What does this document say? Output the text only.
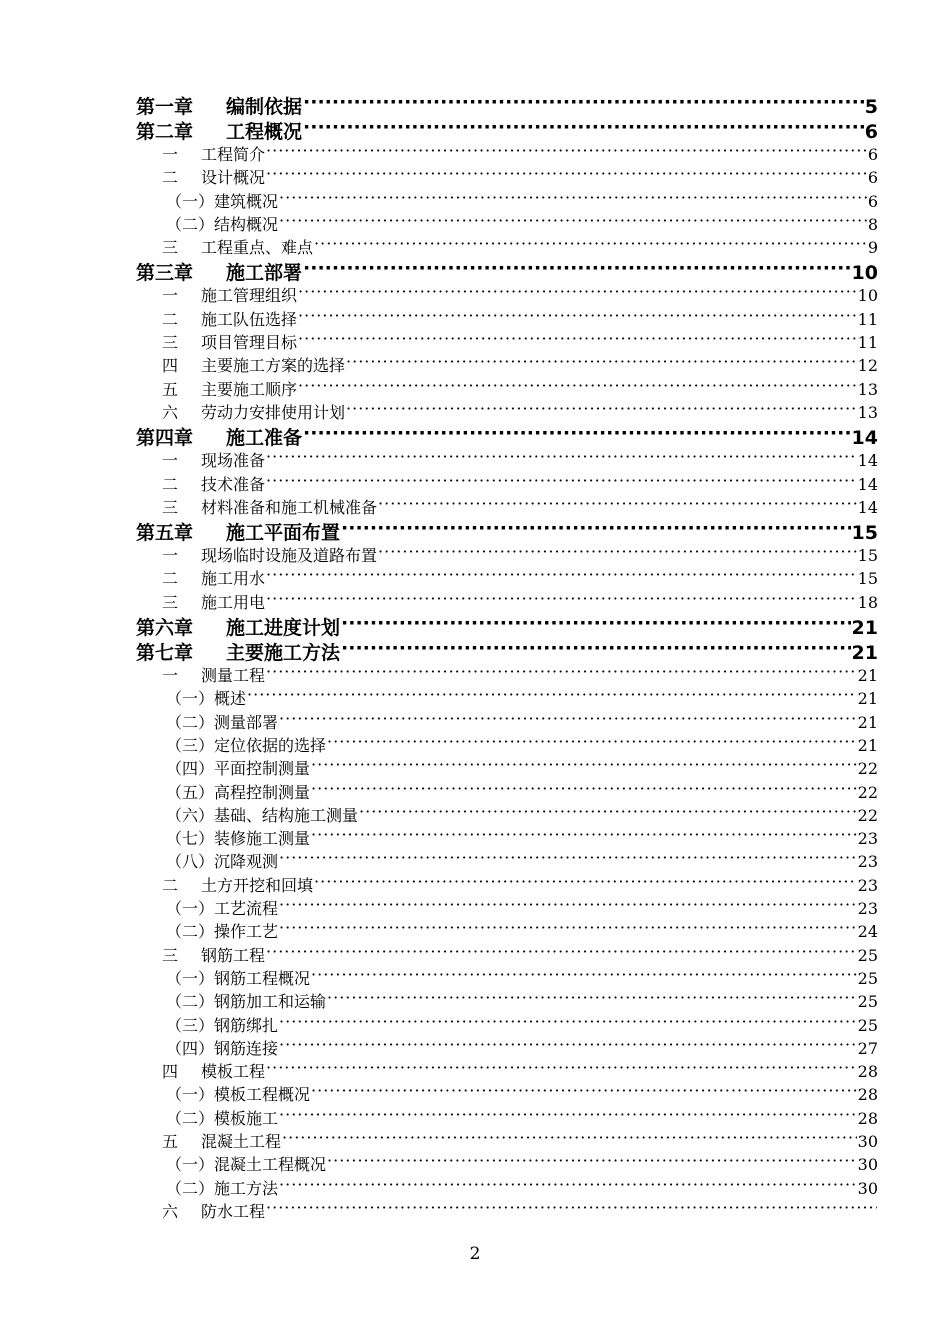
第一章	编制依据 ·····	5
第二章	工程概况 ·····	6
一	工程简介 ·····	6
二	设计概况 ·····	6
（一）建筑概况 ·····	6
（二）结构概况 ·····	8
三	工程重点、难点 ·····	9
第三章	施工部署 ·····	10
一	施工管理组织 ·····	10
二	施工队伍选择 ·····	11
三	项目管理目标 ·····	11
四	主要施工方案的选择 ·····	12
五	主要施工顺序 ·····	13
六	劳动力安排使用计划 ·····	13
第四章	施工准备 ·····	14
一	现场准备 ·····	14
二	技术准备 ·····	14
三	材料准备和施工机械准备 ·····	14
第五章	施工平面布置 ·····	15
一	现场临时设施及道路布置 ·····	15
二	施工用水 ·····	15
三	施工用电 ·····	18
第六章	施工进度计划 ·····	21
第七章	主要施工方法 ·····	21
一	测量工程 ·····	21
（一）概述 ·····	21
（二）测量部署 ·····	21
（三）定位依据的选择 ·····	21
（四）平面控制测量 ·····	22
（五）高程控制测量 ·····	22
（六）基础、结构施工测量 ·····	22
（七）装修施工测量 ·····	23
（八）沉降观测 ·····	23
二	土方开挖和回填 ·····	23
（一）工艺流程 ·····	23
（二）操作工艺 ·····	24
三	钢筋工程 ·····	25
（一）钢筋工程概况 ·····	25
（二）钢筋加工和运输 ·····	25
（三）钢筋绑扎 ·····	25
（四）钢筋连接 ·····	27
四	模板工程 ·····	28
（一）模板工程概况 ·····	28
（二）模板施工 ·····	28
五	混凝土工程 ·····	30
（一）混凝土工程概况 ·····	30
（二）施工方法 ·····	30
六	防水工程
·····
2
